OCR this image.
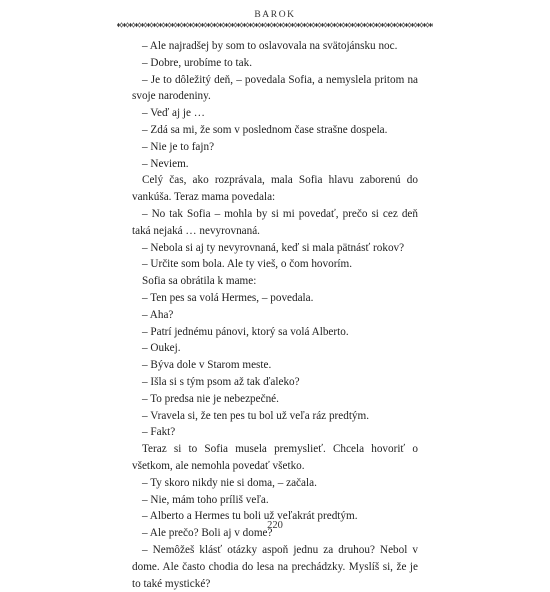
BAROK

– Ale najradšej by som to oslavovala na svätojánsku noc.

– Dobre, urobíme to tak.

– Je to dôležitý deň, – povedala Sofia, a nemyslela pritom na svoje narodeniny.

– Veď aj je …

– Zdá sa mi, že som v poslednom čase strašne dospela.

– Nie je to fajn?

– Neviem.

Celý čas, ako rozprávala, mala Sofia hlavu zaborenú do vankúša. Teraz mama povedala:

– No tak Sofia – mohla by si mi povedať, prečo si cez deň taká nejaká … nevyrovnaná.

– Nebola si aj ty nevyrovnaná, keď si mala pätnásť rokov?

– Určite som bola. Ale ty vieš, o čom hovorím.

Sofia sa obrátila k mame:

– Ten pes sa volá Hermes, – povedala.

– Aha?

– Patrí jednému pánovi, ktorý sa volá Alberto.

– Oukej.

– Býva dole v Starom meste.

– Išla si s tým psom až tak ďaleko?

– To predsa nie je nebezpečné.

– Vravela si, že ten pes tu bol už veľa ráz predtým.

– Fakt?

Teraz si to Sofia musela premyslieť. Chcela hovoriť o všetkom, ale nemohla povedať všetko.

– Ty skoro nikdy nie si doma, – začala.

– Nie, mám toho príliš veľa.

– Alberto a Hermes tu boli už veľakrát predtým.

– Ale prečo? Boli aj v dome?

– Nemôžeš klásť otázky aspoň jednu za druhou? Nebol v dome. Ale často chodia do lesa na prechádzky. Myslíš si, že je to také mystické?

220
